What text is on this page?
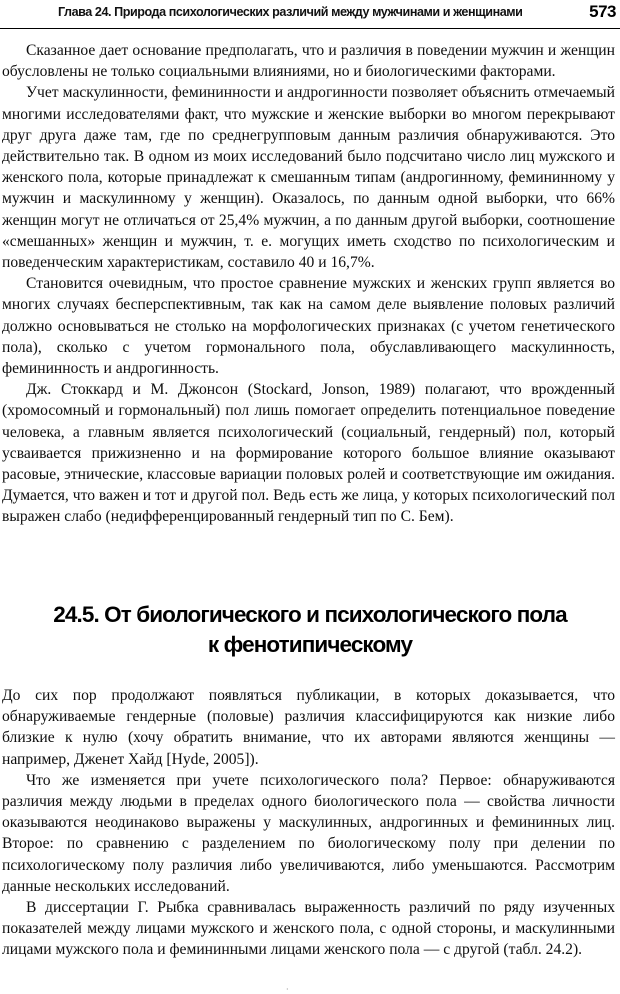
Глава 24. Природа психологических различий между мужчинами и женщинами	573

Сказанное дает основание предполагать, что и различия в поведении мужчин и женщин обусловлены не только социальными влияниями, но и биологическими факторами.

Учет маскулинности, фемининности и андрогинности позволяет объяснить отмечаемый многими исследователями факт, что мужские и женские выборки во многом перекрывают друг друга даже там, где по среднегрупповым данным различия обнаруживаются. Это действительно так. В одном из моих исследований было подсчитано число лиц мужского и женского пола, которые принадлежат к смешанным типам (андрогинному, фемининному у мужчин и маскулинному у женщин). Оказалось, по данным одной выборки, что 66% женщин могут не отличаться от 25,4% мужчин, а по данным другой выборки, соотношение «смешанных» женщин и мужчин, т. е. могущих иметь сходство по психологическим и поведенческим характеристикам, составило 40 и 16,7%.

Становится очевидным, что простое сравнение мужских и женских групп является во многих случаях бесперспективным, так как на самом деле выявление половых различий должно основываться не столько на морфологических признаках (с учетом генетического пола), сколько с учетом гормонального пола, обуславливающего маскулинность, фемининность и андрогинность.

Дж. Стоккард и М. Джонсон (Stockard, Jonson, 1989) полагают, что врожденный (хромосомный и гормональный) пол лишь помогает определить потенциальное поведение человека, а главным является психологический (социальный, гендерный) пол, который усваивается прижизненно и на формирование которого большое влияние оказывают расовые, этнические, классовые вариации половых ролей и соответствующие им ожидания. Думается, что важен и тот и другой пол. Ведь есть же лица, у которых психологический пол выражен слабо (недифференцированный гендерный тип по С. Бем).

24.5. От биологического и психологического пола
к фенотипическому

До сих пор продолжают появляться публикации, в которых доказывается, что обнаруживаемые гендерные (половые) различия классифицируются как низкие либо близкие к нулю (хочу обратить внимание, что их авторами являются женщины — например, Дженет Хайд [Hyde, 2005]).

Что же изменяется при учете психологического пола? Первое: обнаруживаются различия между людьми в пределах одного биологического пола — свойства личности оказываются неодинаково выражены у маскулинных, андрогинных и фемининных лиц. Второе: по сравнению с разделением по биологическому полу при делении по психологическому полу различия либо увеличиваются, либо уменьшаются. Рассмотрим данные нескольких исследований.

В диссертации Г. Рыбка сравнивалась выраженность различий по ряду изученных показателей между лицами мужского и женского пола, с одной стороны, и маскулинными лицами мужского пола и фемининными лицами женского пола — с другой (табл. 24.2).

·
